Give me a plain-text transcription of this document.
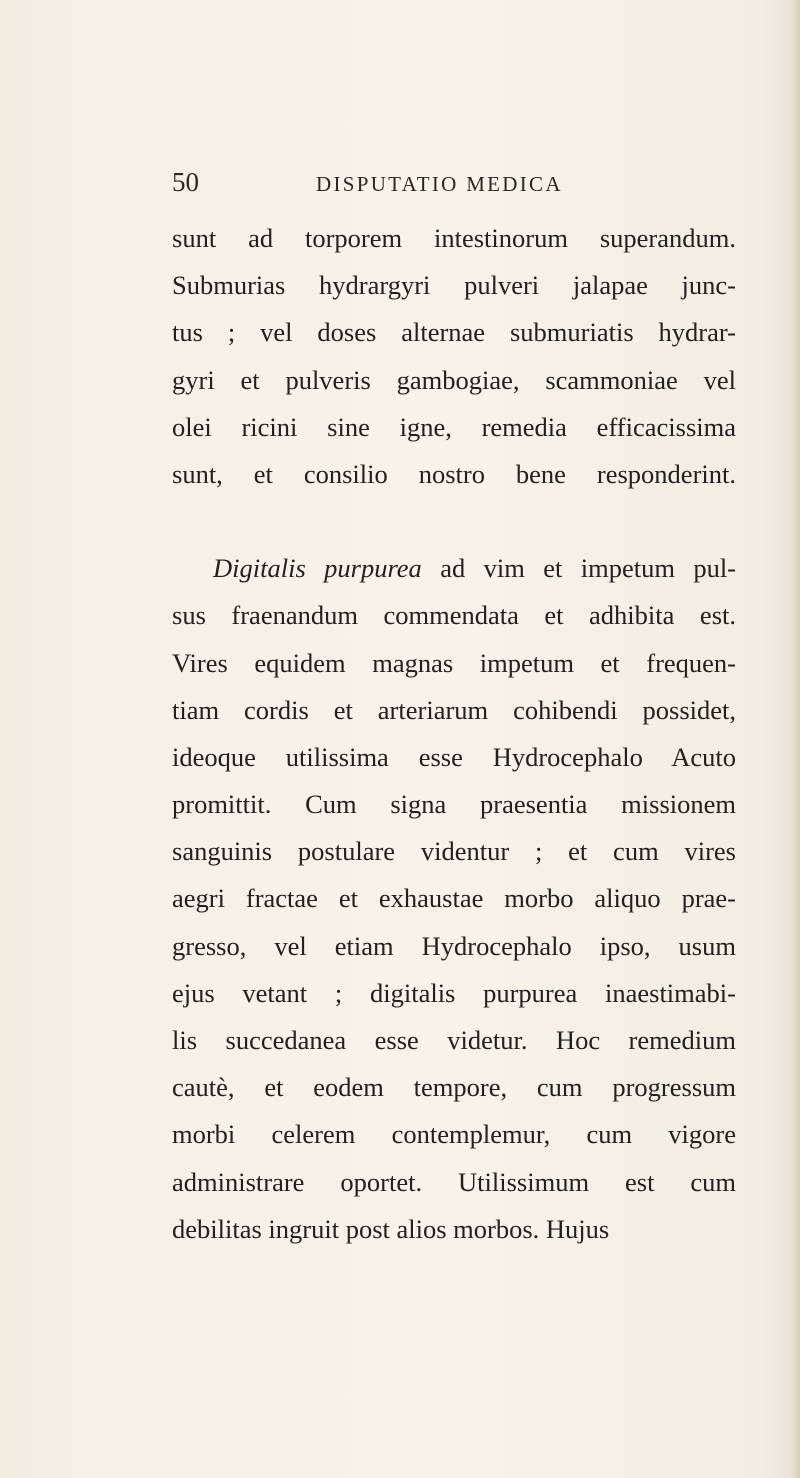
50	DISPUTATIO MEDICA
sunt ad torporem intestinorum superandum.
Submurias hydrargyri pulveri jalapae junc-
tus ; vel doses alternae submuriatis hydrar-
gyri et pulveris gambogiae, scammoniae vel
olei ricini sine igne, remedia efficacissima
sunt, et consilio nostro bene responderint.
Digitalis purpurea ad vim et impetum pul-
sus fraenandum commendata et adhibita est.
Vires equidem magnas impetum et frequen-
tiam cordis et arteriarum cohibendi possidet,
ideoque utilissima esse Hydrocephalo Acuto
promittit. Cum signa praesentia missionem
sanguinis postulare videntur ; et cum vires
aegri fractae et exhaustae morbo aliquo prae-
gresso, vel etiam Hydrocephalo ipso, usum
ejus vetant ; digitalis purpurea inaestimabi-
lis succedanea esse videtur. Hoc remedium
cautè, et eodem tempore, cum progressum
morbi celerem contemplemur, cum vigore
administrare oportet. Utilissimum est cum
debilitas ingruit post alios morbos. Hujus
